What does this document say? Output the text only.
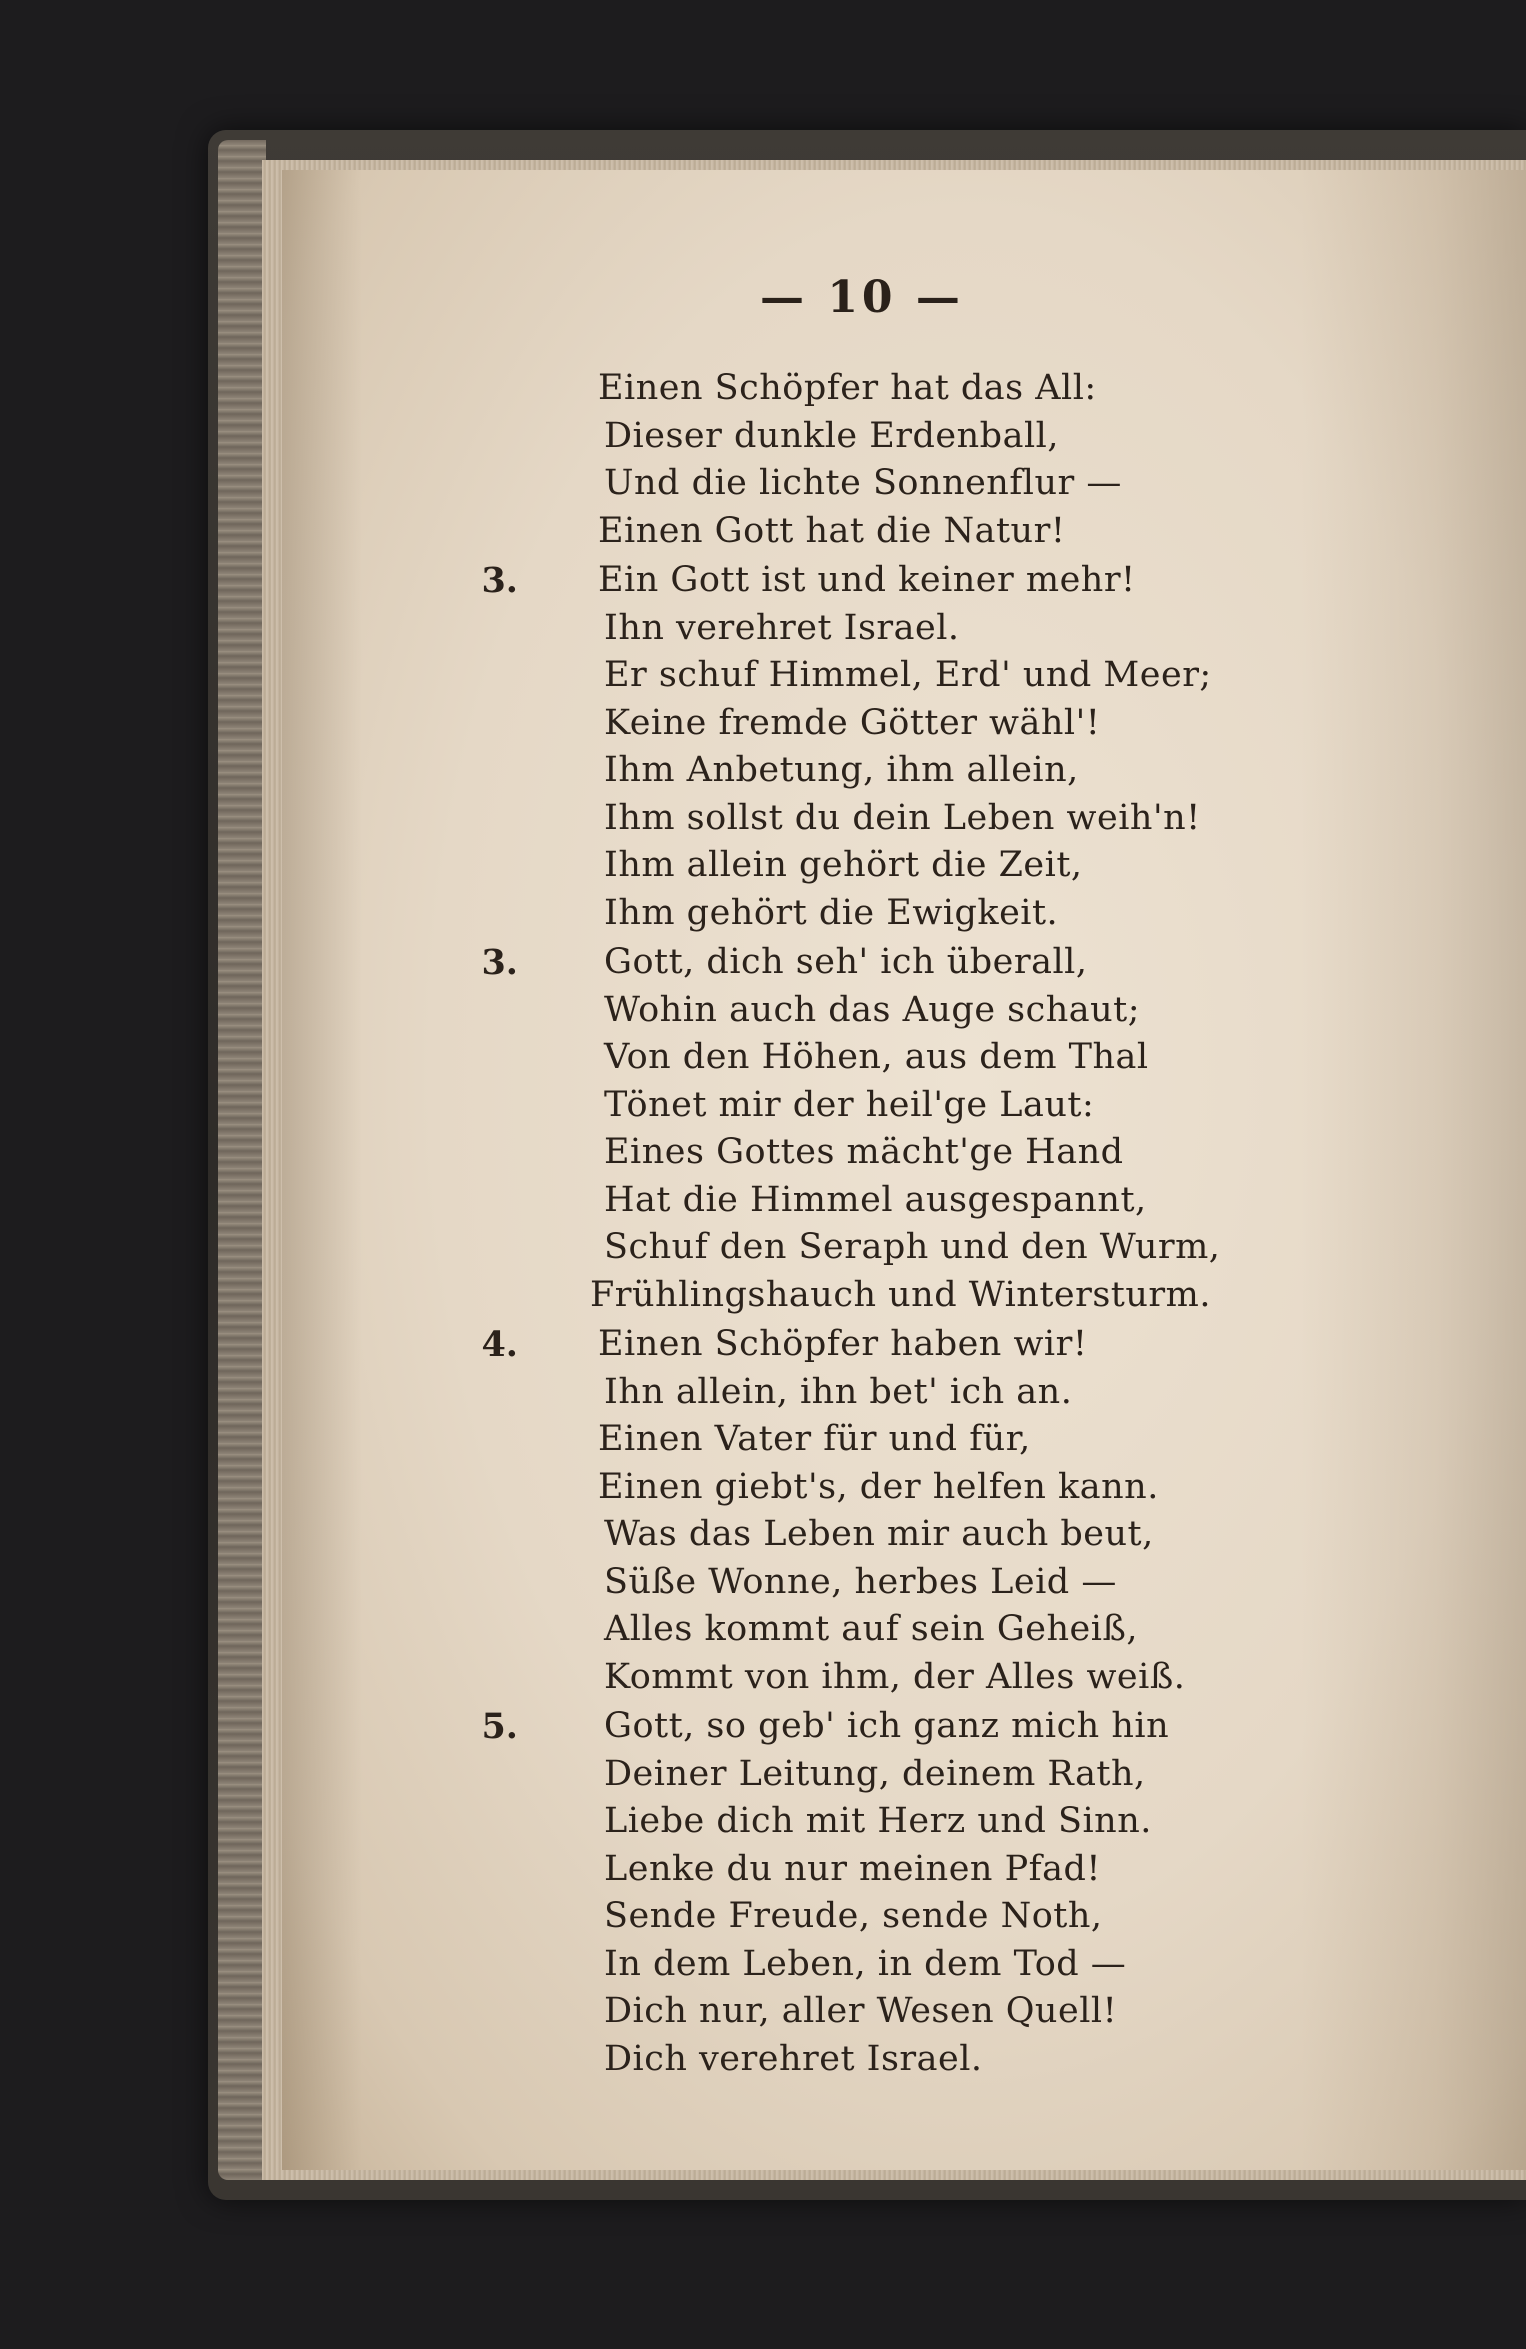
— 10 —
Einen Schöpfer hat das All:
Dieser dunkle Erdenball,
Und die lichte Sonnenflur —
Einen Gott hat die Natur!
3. Ein Gott ist und keiner mehr!
Ihn verehret Israel.
Er schuf Himmel, Erd' und Meer;
Keine fremde Götter wähl'!
Ihm Anbetung, ihm allein,
Ihm sollst du dein Leben weih'n!
Ihm allein gehört die Zeit,
Ihm gehört die Ewigkeit.
3. Gott, dich seh' ich überall,
Wohin auch das Auge schaut;
Von den Höhen, aus dem Thal
Tönet mir der heil'ge Laut:
Eines Gottes mächt'ge Hand
Hat die Himmel ausgespannt,
Schuf den Seraph und den Wurm,
Frühlingshauch und Wintersturm.
4. Einen Schöpfer haben wir!
Ihn allein, ihn bet' ich an.
Einen Vater für und für,
Einen giebt's, der helfen kann.
Was das Leben mir auch beut,
Süße Wonne, herbes Leid —
Alles kommt auf sein Geheiß,
Kommt von ihm, der Alles weiß.
5. Gott, so geb' ich ganz mich hin
Deiner Leitung, deinem Rath,
Liebe dich mit Herz und Sinn.
Lenke du nur meinen Pfad!
Sende Freude, sende Noth,
In dem Leben, in dem Tod —
Dich nur, aller Wesen Quell!
Dich verehret Israel.
